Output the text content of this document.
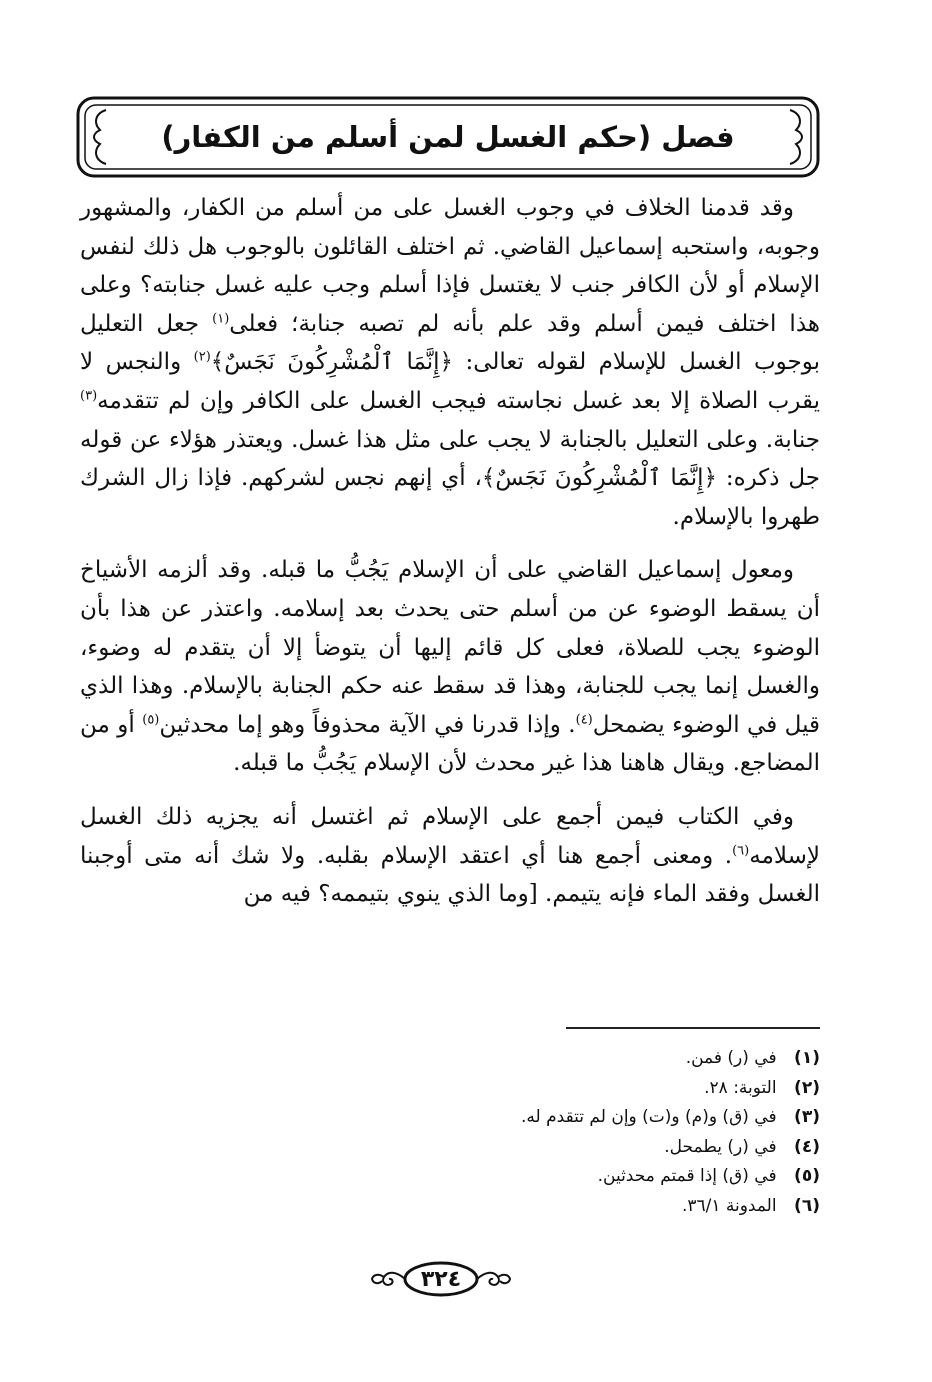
فصل (حكم الغسل لمن أسلم من الكفار)

وقد قدمنا الخلاف في وجوب الغسل على من أسلم من الكفار، والمشهور وجوبه، واستحبه إسماعيل القاضي. ثم اختلف القائلون بالوجوب هل ذلك لنفس الإسلام أو لأن الكافر جنب لا يغتسل فإذا أسلم وجب عليه غسل جنابته؟ وعلى هذا اختلف فيمن أسلم وقد علم بأنه لم تصبه جنابة؛ فعلى$^{(١)}$ جعل التعليل بوجوب الغسل للإسلام لقوله تعالى: ﴿إِنَّمَا ٱلْمُشْرِكُونَ نَجَسٌ﴾$^{(٢)}$ والنجس لا يقرب الصلاة إلا بعد غسل نجاسته فيجب الغسل على الكافر وإن لم تتقدمه$^{(٣)}$ جنابة. وعلى التعليل بالجنابة لا يجب على مثل هذا غسل. ويعتذر هؤلاء عن قوله جل ذكره: ﴿إِنَّمَا ٱلْمُشْرِكُونَ نَجَسٌ﴾، أي إنهم نجس لشركهم. فإذا زال الشرك طهروا بالإسلام.

ومعول إسماعيل القاضي على أن الإسلام يَجُبُّ ما قبله. وقد ألزمه الأشياخ أن يسقط الوضوء عن من أسلم حتى يحدث بعد إسلامه. واعتذر عن هذا بأن الوضوء يجب للصلاة، فعلى كل قائم إليها أن يتوضأ إلا أن يتقدم له وضوء، والغسل إنما يجب للجنابة، وهذا قد سقط عنه حكم الجنابة بالإسلام. وهذا الذي قيل في الوضوء يضمحل$^{(٤)}$. وإذا قدرنا في الآية محذوفاً وهو إما محدثين$^{(٥)}$ أو من المضاجع. ويقال هاهنا هذا غير محدث لأن الإسلام يَجُبُّ ما قبله.

وفي الكتاب فيمن أجمع على الإسلام ثم اغتسل أنه يجزيه ذلك الغسل لإسلامه$^{(٦)}$. ومعنى أجمع هنا أي اعتقد الإسلام بقلبه. ولا شك أنه متى أوجبنا الغسل وفقد الماء فإنه يتيمم. [وما الذي ينوي بتيممه؟ فيه من

(١) في (ر) فمن.
(٢) التوبة: ٢٨.
(٣) في (ق) و(م) و(ت) وإن لم تتقدم له.
(٤) في (ر) يطمحل.
(٥) في (ق) إذا قمتم محدثين.
(٦) المدونة ٣٦/١.
٣٢٤
